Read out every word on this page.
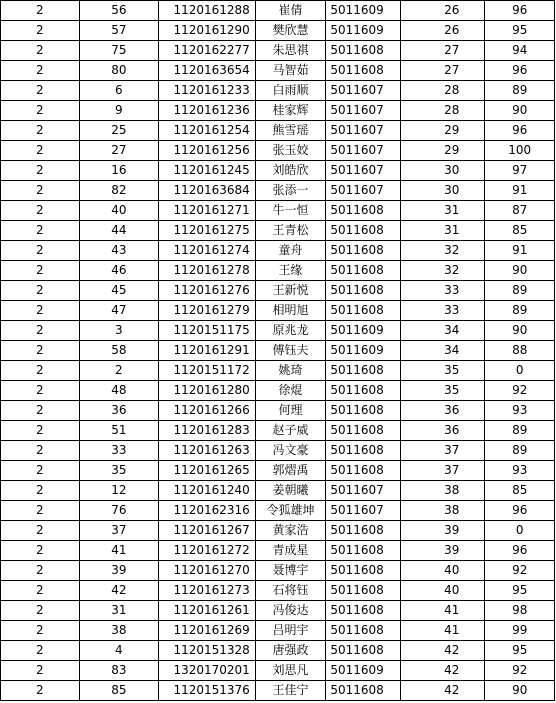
2	56	1120161288	崔倩	5011609	26	96
2	57	1120161290	樊欣慧	5011609	26	95
2	75	1120162277	朱思祺	5011608	27	94
2	80	1120163654	马智茹	5011608	27	96
2	6	1120161233	白雨顺	5011607	28	89
2	9	1120161236	桂家辉	5011607	28	90
2	25	1120161254	熊雪瑶	5011607	29	96
2	27	1120161256	张玉姣	5011607	29	100
2	16	1120161245	刘皓欣	5011607	30	97
2	82	1120163684	张添一	5011607	30	91
2	40	1120161271	牛一恒	5011608	31	87
2	44	1120161275	王青松	5011608	31	85
2	43	1120161274	童舟	5011608	32	91
2	46	1120161278	王缘	5011608	32	90
2	45	1120161276	王新悦	5011608	33	89
2	47	1120161279	相明旭	5011608	33	89
2	3	1120151175	原兆龙	5011609	34	90
2	58	1120161291	傅钰夫	5011609	34	88
2	2	1120151172	姚琦	5011608	35	0
2	48	1120161280	徐焜	5011608	35	92
2	36	1120161266	何理	5011608	36	93
2	51	1120161283	赵子威	5011608	36	89
2	33	1120161263	冯文豪	5011608	37	89
2	35	1120161265	郭熠禹	5011608	37	93
2	12	1120161240	姜朝曦	5011607	38	85
2	76	1120162316	令狐雄坤	5011607	38	96
2	37	1120161267	黄家浩	5011608	39	0
2	41	1120161272	青成星	5011608	39	96
2	39	1120161270	聂博宇	5011608	40	92
2	42	1120161273	石将钰	5011608	40	95
2	31	1120161261	冯俊达	5011608	41	98
2	38	1120161269	吕明宇	5011608	41	99
2	4	1120151328	唐强政	5011608	42	95
2	83	1320170201	刘思凡	5011609	42	92
2	85	1120151376	王佳宁	5011608	42	90
